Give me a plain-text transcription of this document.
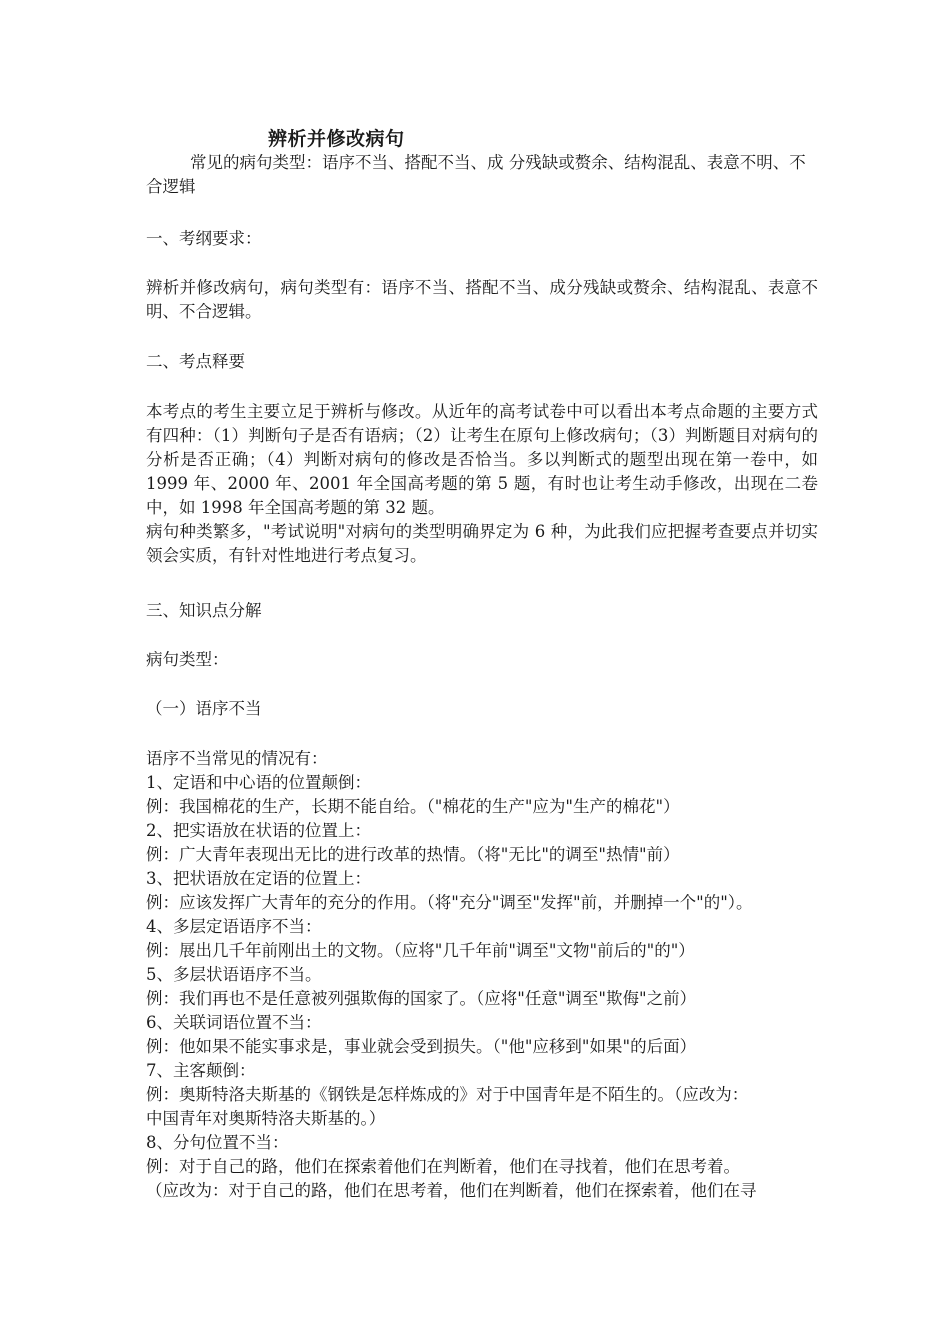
辨析并修改病句
常见的病句类型：语序不当、搭配不当、成 分残缺或赘余、结构混乱、表意不明、不合逻辑

一、考纲要求：

辨析并修改病句，病句类型有：语序不当、搭配不当、成分残缺或赘余、结构混乱、表意不明、不合逻辑。

二、考点释要

本考点的考生主要立足于辨析与修改。从近年的高考试卷中可以看出本考点命题的主要方式有四种：（1）判断句子是否有语病；（2）让考生在原句上修改病句；（3）判断题目对病句的分析是否正确；（4）判断对病句的修改是否恰当。多以判断式的题型出现在第一卷中，如 1999 年、2000 年、2001 年全国高考题的第 5 题，有时也让考生动手修改，出现在二卷中，如 1998 年全国高考题的第 32 题。

病句种类繁多，"考试说明"对病句的类型明确界定为 6 种，为此我们应把握考查要点并切实领会实质，有针对性地进行考点复习。

三、知识点分解

病句类型：

（一）语序不当

语序不当常见的情况有：

1、定语和中心语的位置颠倒：

例：我国棉花的生产，长期不能自给。（"棉花的生产"应为"生产的棉花"）

2、把实语放在状语的位置上：

例：广大青年表现出无比的进行改革的热情。（将"无比"的调至"热情"前）

3、把状语放在定语的位置上：

例：应该发挥广大青年的充分的作用。（将"充分"调至"发挥"前，并删掉一个"的"）。

4、多层定语语序不当：

例：展出几千年前刚出土的文物。（应将"几千年前"调至"文物"前后的"的"）

5、多层状语语序不当。

例：我们再也不是任意被列强欺侮的国家了。（应将"任意"调至"欺侮"之前）

6、关联词语位置不当：

例：他如果不能实事求是，事业就会受到损失。（"他"应移到"如果"的后面）

7、主客颠倒：

例：奥斯特洛夫斯基的《钢铁是怎样炼成的》对于中国青年是不陌生的。（应改为：

中国青年对奥斯特洛夫斯基的。）

8、分句位置不当：

例：对于自己的路，他们在探索着他们在判断着，他们在寻找着，他们在思考着。

（应改为：对于自己的路，他们在思考着，他们在判断着，他们在探索着，他们在寻
